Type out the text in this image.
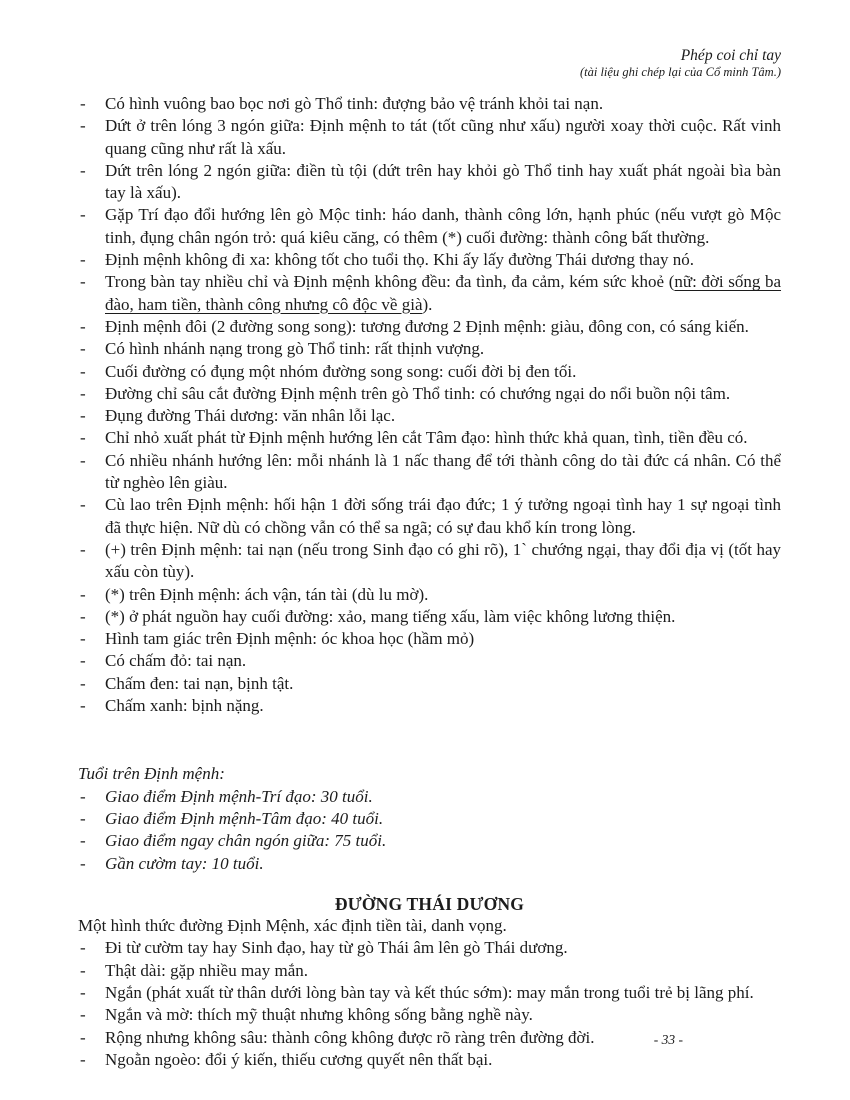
Phép coi chỉ tay
(tài liệu ghi chép lại của Cổ minh Tâm.)
- Có hình vuông bao bọc nơi gò Thổ tinh: đượng bảo vệ tránh khỏi tai nạn.
- Dứt ở trên lóng 3 ngón giữa: Định mệnh to tát (tốt cũng như xấu) người xoay thời cuộc. Rất vinh quang cũng như rất là xấu.
- Dứt trên lóng 2 ngón giữa: điền tù tội (dứt trên hay khỏi gò Thổ tinh hay xuất phát ngoài bìa bàn tay là xấu).
- Gặp Trí đạo đổi hướng lên gò Mộc tinh: háo danh, thành công lớn, hạnh phúc (nếu vượt gò Mộc tinh, đụng chân ngón trỏ: quá kiêu căng, có thêm (*) cuối đường: thành công bất thường.
- Định mệnh không đi xa: không tốt cho tuổi thọ. Khi ấy lấy đường Thái dương thay nó.
- Trong bàn tay nhiều chỉ và Định mệnh không đều: đa tình, đa cảm, kém sức khoẻ (nữ: đời sống ba đào, ham tiền, thành công nhưng cô độc về già).
- Định mệnh đôi (2 đường song song): tương đương 2 Định mệnh: giàu, đông con, có sáng kiến.
- Có hình nhánh nạng trong gò Thổ tinh: rất thịnh vượng.
- Cuối đường có đụng một nhóm đường song song: cuối đời bị đen tối.
- Đường chỉ sâu cắt đường Định mệnh trên gò Thổ tinh: có chướng ngại do nổi buồn nội tâm.
- Đụng đường Thái dương: văn nhân lỗi lạc.
- Chỉ nhỏ xuất phát từ Định mệnh hướng lên cắt Tâm đạo: hình thức khả quan, tình, tiền đều có.
- Có nhiều nhánh hướng lên: mỗi nhánh là 1 nấc thang để tới thành công do tài đức cá nhân. Có thể từ nghèo lên giàu.
- Cù lao trên Định mệnh: hối hận 1 đời sống trái đạo đức; 1 ý tưởng ngoại tình hay 1 sự ngoại tình đã thực hiện. Nữ dù có chồng vẫn có thể sa ngã; có sự đau khổ kín trong lòng.
- (+) trên Định mệnh: tai nạn (nếu trong Sinh đạo có ghi rõ), 1` chướng ngại, thay đổi địa vị (tốt hay xấu còn tùy).
- (*) trên Định mệnh: ách vận, tán tài (dù lu mờ).
- (*) ở phát nguồn hay cuối đường: xảo, mang tiếng xấu, làm việc không lương thiện.
- Hình tam giác trên Định mệnh: óc khoa học (hầm mỏ)
- Có chấm đỏ: tai nạn.
- Chấm đen: tai nạn, bịnh tật.
- Chấm xanh: bịnh nặng.
Tuổi trên Định mệnh:
- Giao điểm Định mệnh-Trí đạo: 30 tuổi.
- Giao điểm Định mệnh-Tâm đạo: 40 tuổi.
- Giao điểm ngay chân ngón giữa: 75 tuổi.
- Gần cườm tay: 10 tuổi.
ĐƯỜNG THÁI DƯƠNG

Một hình thức đường Định Mệnh, xác định tiền tài, danh vọng.

- Đi từ cườm tay hay Sinh đạo, hay từ gò Thái âm lên gò Thái dương.
- Thật dài: gặp nhiều may mắn.
- Ngắn (phát xuất từ thân dưới lòng bàn tay và kết thúc sớm): may mắn trong tuổi trẻ bị lãng phí.
- Ngắn và mờ: thích mỹ thuật nhưng không sống bằng nghề này.
- Rộng nhưng không sâu: thành công không được rõ ràng trên đường đời.
- Ngoằn ngoèo: đổi ý kiến, thiếu cương quyết nên thất bại.
- 33 -
